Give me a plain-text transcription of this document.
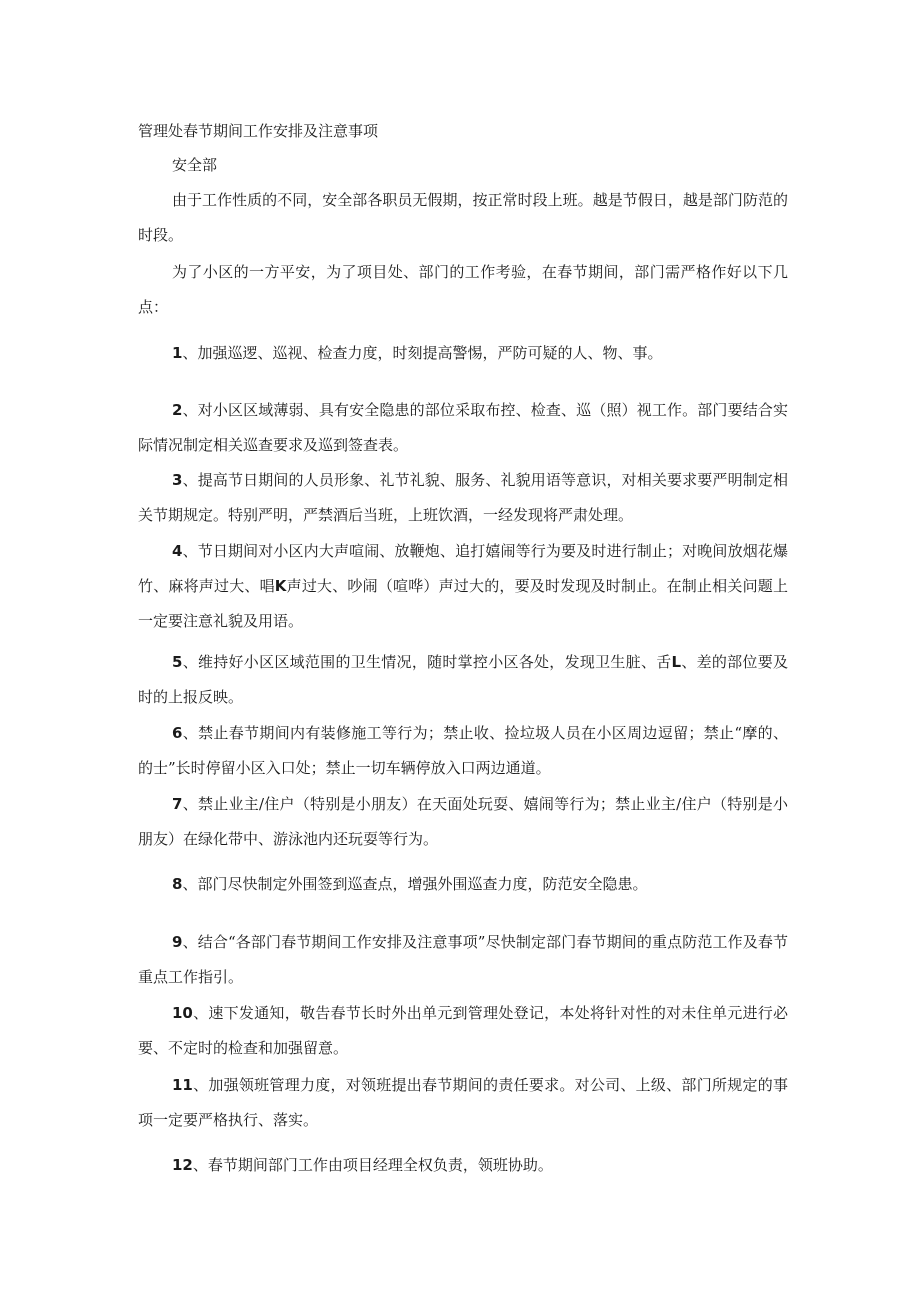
管理处春节期间工作安排及注意事项
安全部
由于工作性质的不同，安全部各职员无假期，按正常时段上班。越是节假日，越是部门防范的时段。
为了小区的一方平安，为了项目处、部门的工作考验，在春节期间，部门需严格作好以下几点：
1、加强巡逻、巡视、检查力度，时刻提高警惕，严防可疑的人、物、事。
2、对小区区域薄弱、具有安全隐患的部位采取布控、检查、巡（照）视工作。部门要结合实际情况制定相关巡查要求及巡到签查表。
3、提高节日期间的人员形象、礼节礼貌、服务、礼貌用语等意识，对相关要求要严明制定相关节期规定。特别严明，严禁酒后当班，上班饮酒，一经发现将严肃处理。
4、节日期间对小区内大声喧闹、放鞭炮、追打嬉闹等行为要及时进行制止；对晚间放烟花爆竹、麻将声过大、唱K声过大、吵闹（喧哗）声过大的，要及时发现及时制止。在制止相关问题上一定要注意礼貌及用语。
5、维持好小区区域范围的卫生情况，随时掌控小区各处，发现卫生脏、舌L、差的部位要及时的上报反映。
6、禁止春节期间内有装修施工等行为；禁止收、捡垃圾人员在小区周边逗留；禁止“摩的、的士”长时停留小区入口处；禁止一切车辆停放入口两边通道。
7、禁止业主/住户（特别是小朋友）在天面处玩耍、嬉闹等行为；禁止业主/住户（特别是小朋友）在绿化带中、游泳池内还玩耍等行为。
8、部门尽快制定外围签到巡查点，增强外围巡查力度，防范安全隐患。
9、结合“各部门春节期间工作安排及注意事项”尽快制定部门春节期间的重点防范工作及春节重点工作指引。
10、速下发通知，敬告春节长时外出单元到管理处登记，本处将针对性的对未住单元进行必要、不定时的检查和加强留意。
11、加强领班管理力度，对领班提出春节期间的责任要求。对公司、上级、部门所规定的事项一定要严格执行、落实。
12、春节期间部门工作由项目经理全权负责，领班协助。
